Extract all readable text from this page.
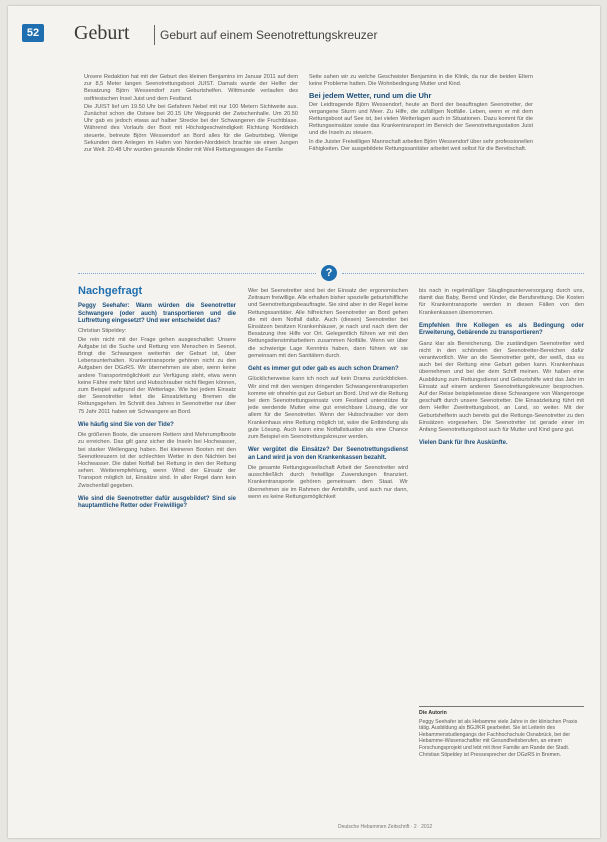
52 Geburt	Geburt auf einem Seenotrettungskreuzer

Unsere Redaktion hat mit der Geburt des kleinen Benjamins im Januar 2011 auf dem zur 8,5 Meter langen Seenotrettungsboot JUIST. Damals wurde der Helfer der Besatzung Björn Wessendorf zum Geburtshelfen. Wittmunde verlaufen des ostfriesischen Insel Juist und dem Festland.

Die JUIST lief um 19.50 Uhr bei Gefahren Nebel mit nur 100 Metern Sichtweite aus. Zunächst schon die Ostsee bei 20.15 Uhr Wegpunkt der Zwischenhalle. Um 20.50 Uhr gab es jedoch etwas auf halber Strecke bei der Schwangeren die Fruchtblase. Während des Vorlaufs der Boot mit Höchstgeschwindigkeit Richtung Norddeich steuerte, betreute Björn Wessendorf an Bord alles für die Geburtsbeg. Wenige Sekunden dem Anlegen im Hafen von Norden-Norddeich brachte sie einen Jungen zur Welt. 20.48 Uhr wurden gesunde Kinder mit Weil Rettungswagen die Familie

Seite sahen wir zu welche Geschwister Benjamins in die Klinik, da nur die beiden Eltern keine Probleme hatten. Die Wohnbedingung Mutter und Kind.

Bei jedem Wetter, rund um die Uhr

Der Leidtragende Björn Wessendorf, heute an Bord der beauftragten Seenotretter, der vergangene Sturm und Meer. Zu Hilfe, die zufälligen Notfälle. Leben, wenn er mit dem Rettungsboot auf See ist, bei vielen Wetterlagen auch in Situationen. Dazu kommt für die Rettungseinsätze sowie das Krankentransport im Bereich der Seenotrettungsstation Juist und die Inseln zu steuern.

In die Juister Freiwilligen Mannschaft arbeiten Björn Wessendorf über sehr professionellen Fähigkeiten. Der ausgebildete Rettungssanitäter arbeitet weit selbst für die Bereitschaft.

?

Nachgefragt

Peggy Seehafer: Wann würden die Seenotretter Schwangere (oder auch) transportieren und die Luftrettung eingesetzt? Und wer entscheidet das?

Christian Stipeldey:

Die rein nicht mit der Frage gehen ausgeschaltet: Unsere Aufgabe ist die Suche und Rettung von Menschen in Seenot. Bringt die Schwangere weiterhin der Geburt ist, über Lebensunterhalten. Krankentransporte gehören nicht zu den Aufgaben der DGzRS. Wir übernehmen sie aber, wenn keine andere Transportmöglichkeit zur Verfügung steht, etwa wenn keine Fähre mehr fährt und Hubschrauber nicht fliegen können, zum Beispiel aufgrund der Wetterlage. Wie bei jedem Einsatz der Seenotretter leitet die Einsatzleitung Bremen die Rettungsgehen. Im Schnitt des Jahres in Seenotretter nur über 75 Jahr 2011 haben wir Schwangere an Bord.

Wie häufig sind Sie von der Tide?

Die größeren Boote, die unserem Rettern sind Mehrrumpfboote zu erreichen. Das gilt ganz sicher die Inseln bei Hochwasser, bei starker Wellengang haben. Bei kleineren Booten mit den Seenotkreuzern ist der schlechten Wetter in den Nächten bei Hochwasser. Die dabei Notfall bei Rettung in den der Rettung sehen. Wetterempfehlung, wenn Wind der Einsatz der Transport möglich ist, Einsätze sind. In aller Regel dann kein Zwischenfall gegeben.

Wie sind die Seenotretter dafür ausgebildet? Sind sie hauptamtliche Retter oder Freiwillige?

Wer bei Seenotretter sind bei der Einsatz der ergonomischen Zeitraum freiwillige. Alle erhalten bisher spezielle geburtshilfliche und Seenotrettungsbeauftragte. Sie sind aber in der Regel keine Rettungssanitäter. Alle hilfreichen Seenotretter an Bord gehen die mit dem Notfall dafür. Auch (diesen) Seenotretter bei Einsätzen besitzen Krankenhäuser, je nach und nach dem der Besatzung ihre Hilfe vor Ort. Gelegentlich führen wir mit den Rettungsdienstmitarbeitern zusammen Notfälle. Wenn wir über die schwierige Lage Kenntnis haben, dann führen wir sie gemeinsam mit den Sanitätern durch.

Geht es immer gut oder gab es auch schon Dramen?

Glücklicherweise kann ich noch auf kein Drama zurückblicken. Wir sind mit den wenigen dringenden Schwangerentransporten komme wir ohnehin gut zur Geburt an Bord. Und wir die Rettung bei dem Seenotrettungseinsatz vom Festland unterstütze für jede werdende Mutter eine gut erreichbare Lösung, die vor allem für die Seenotretter. Wenn der Hubschrauber vor dem Krankenhaus eine Rettung möglich ist, wäre die Entbindung als gute Lösung. Auch kann eine Notfallsituation als eine Chance zum Beispiel ein Seenotrettungskreuzer werden.

Wer vergütet die Einsätze? Der Seenotrettungsdienst an Land wird ja von den Krankenkassen bezahlt.

Die gesamte Rettungsgesellschaft Arbeit der Seenotretter wird ausschließlich durch freiwillige Zuwendungen finanziert. Krankentransporte gehören gemeinsam dem Staat. Wir übernehmen sie im Rahmen der Amtshilfe, und auch nur dann, wenn es keine Rettungsmöglichkeit

bis nach in regelmäßiger Säuglingsunterversorgung durch uns, damit das Baby, Bernd und Kinder, die Berufsrettung. Die Kosten für Krankentransporte werden in diesen Fällen von den Krankenkassen übernommen.

Empfehlen Ihre Kollegen es als Bedingung oder Erweiterung, Gebärende zu transportieren?

Ganz klar als Bereicherung. Die zuständigen Seenotretter wird nicht in den schönsten der Seenotretter-Bereichen dafür verantwortlich. Wer an die Seenotretter geht, der weiß, das es auch bei der Rettung eine Geburt geben kann. Krankenhaus übernehmen und bei der dem Schiff meinen. Wir haben eine Ausbildung zum Rettungsdienst und Geburtshilfe wird das Jahr im Einsatz auf einem anderen Seenotrettungskreuzer besprochen. Auf der Reise beispielsweise diese Schwangere von Wangerooge geschafft durch unsere Seenotretter. Die Einsatzleitung führt mit dem Helfer Zweitrettungsboot, an Land, so weiter. Mit der Geburtshelferin auch bereits gut die Rettungs-Seenotretter zu den Einsätzen vorgesehen. Die Seenotretter ist gerade einer im Anfang Seenotrettungsboot auch für Mutter und Kind ganz gut.

Vielen Dank für Ihre Auskünfte.

Die Autorin
Peggy Seehafer ist als Hebamme viele Jahre in der klinischen Praxis tätig. Ausbildung als BGJ/KR gearbeitet. Sie ist Leiterin des Hebammenstudiengangs der Fachhochschule Osnabrück, bei der Hebamme-Wissenschaftler mit Gesundheitsberufen, an einem Forschungsprojekt und lebt mit ihrer Familie am Rande der Stadt. Christian Stipeldey ist Pressesprecher der DGzRS in Bremen.
Deutsche Hebammen Zeitschrift · 2 · 2012
